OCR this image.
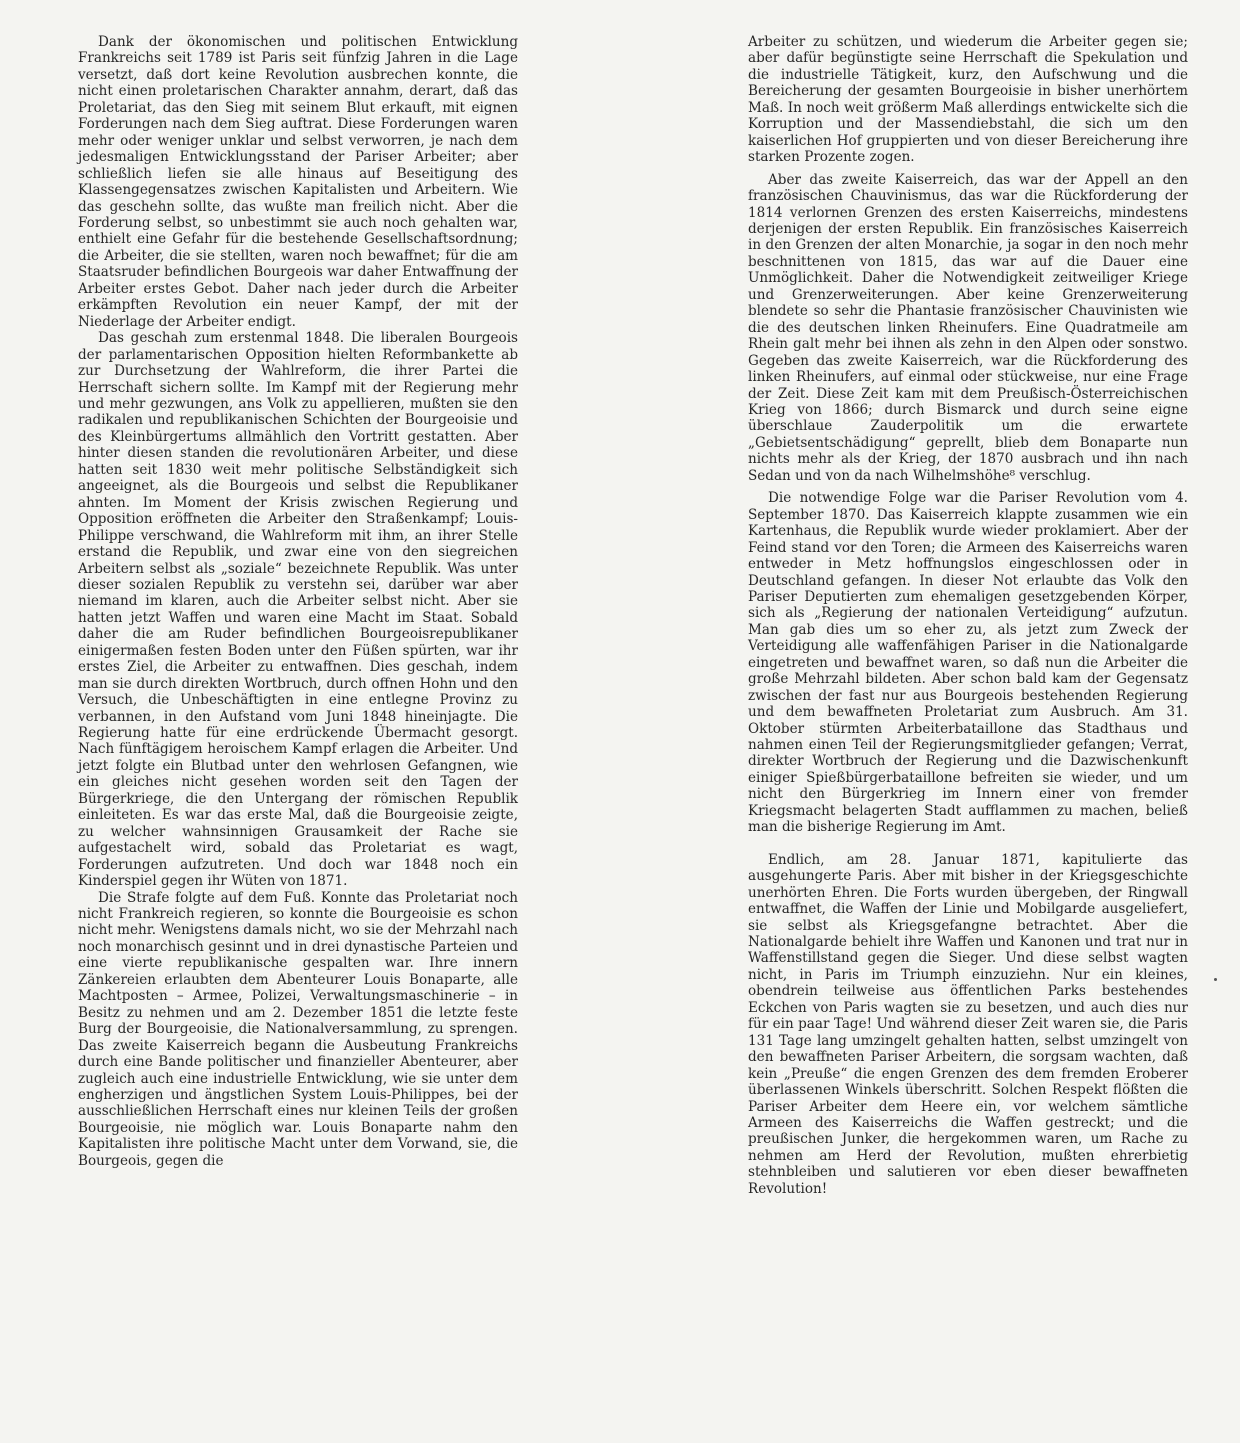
Dank der ökonomischen und politischen Entwicklung Frankreichs seit 1789 ist Paris seit fünfzig Jahren in die Lage versetzt, daß dort keine Revolution ausbrechen konnte, die nicht einen proletarischen Charakter annahm, derart, daß das Proletariat, das den Sieg mit seinem Blut erkauft, mit eignen Forderungen nach dem Sieg auftrat. Diese Forderungen waren mehr oder weniger unklar und selbst verworren, je nach dem jedesmaligen Entwicklungsstand der Pariser Arbeiter; aber schließlich liefen sie alle hinaus auf Beseitigung des Klassengegensatzes zwischen Kapitalisten und Arbeitern. Wie das geschehn sollte, das wußte man freilich nicht. Aber die Forderung selbst, so unbestimmt sie auch noch gehalten war, enthielt eine Gefahr für die bestehende Gesellschaftsordnung; die Arbeiter, die sie stellten, waren noch bewaffnet; für die am Staatsruder befindlichen Bourgeois war daher Entwaffnung der Arbeiter erstes Gebot. Daher nach jeder durch die Arbeiter erkämpften Revolution ein neuer Kampf, der mit der Niederlage der Arbeiter endigt.

Das geschah zum erstenmal 1848. Die liberalen Bourgeois der parlamentarischen Opposition hielten Reformbankette ab zur Durchsetzung der Wahlreform, die ihrer Partei die Herrschaft sichern sollte. Im Kampf mit der Regierung mehr und mehr gezwungen, ans Volk zu appellieren, mußten sie den radikalen und republikanischen Schichten der Bourgeoisie und des Kleinbürgertums allmählich den Vortritt gestatten. Aber hinter diesen standen die revolutionären Arbeiter, und diese hatten seit 1830 weit mehr politische Selbständigkeit sich angeeignet, als die Bourgeois und selbst die Republikaner ahnten. Im Moment der Krisis zwischen Regierung und Opposition eröffneten die Arbeiter den Straßenkampf; Louis-Philippe verschwand, die Wahlreform mit ihm, an ihrer Stelle erstand die Republik, und zwar eine von den siegreichen Arbeitern selbst als „soziale“ bezeichnete Republik. Was unter dieser sozialen Republik zu verstehn sei, darüber war aber niemand im klaren, auch die Arbeiter selbst nicht. Aber sie hatten jetzt Waffen und waren eine Macht im Staat. Sobald daher die am Ruder befindlichen Bourgeoisrepublikaner einigermaßen festen Boden unter den Füßen spürten, war ihr erstes Ziel, die Arbeiter zu entwaffnen. Dies geschah, indem man sie durch direkten Wortbruch, durch offnen Hohn und den Versuch, die Unbeschäftigten in eine entlegne Provinz zu verbannen, in den Aufstand vom Juni 1848 hineinjagte. Die Regierung hatte für eine erdrückende Übermacht gesorgt. Nach fünftägigem heroischem Kampf erlagen die Arbeiter. Und jetzt folgte ein Blutbad unter den wehrlosen Gefangnen, wie ein gleiches nicht gesehen worden seit den Tagen der Bürgerkriege, die den Untergang der römischen Republik einleiteten. Es war das erste Mal, daß die Bourgeoisie zeigte, zu welcher wahnsinnigen Grausamkeit der Rache sie aufgestachelt wird, sobald das Proletariat es wagt, Forderungen aufzutreten. Und doch war 1848 noch ein Kinderspiel gegen ihr Wüten von 1871.

Die Strafe folgte auf dem Fuß. Konnte das Proletariat noch nicht Frankreich regieren, so konnte die Bourgeoisie es schon nicht mehr. Wenigstens damals nicht, wo sie der Mehrzahl nach noch monarchisch gesinnt und in drei dynastische Parteien und eine vierte republikanische gespalten war. Ihre innern Zänkereien erlaubten dem Abenteurer Louis Bonaparte, alle Machtposten – Armee, Polizei, Verwaltungsmaschinerie – in Besitz zu nehmen und am 2. Dezember 1851 die letzte feste Burg der Bourgeoisie, die Nationalversammlung, zu sprengen. Das zweite Kaiserreich begann die Ausbeutung Frankreichs durch eine Bande politischer und finanzieller Abenteurer, aber zugleich auch eine industrielle Entwicklung, wie sie unter dem engherzigen und ängstlichen System Louis-Philippes, bei der ausschließlichen Herrschaft eines nur kleinen Teils der großen Bourgeoisie, nie möglich war. Louis Bonaparte nahm den Kapitalisten ihre politische Macht unter dem Vorwand, sie, die Bourgeois, gegen die

Arbeiter zu schützen, und wiederum die Arbeiter gegen sie; aber dafür begünstigte seine Herrschaft die Spekulation und die industrielle Tätigkeit, kurz, den Aufschwung und die Bereicherung der gesamten Bourgeoisie in bisher unerhörtem Maß. In noch weit größerm Maß allerdings entwickelte sich die Korruption und der Massendiebstahl, die sich um den kaiserlichen Hof gruppierten und von dieser Bereicherung ihre starken Prozente zogen.

Aber das zweite Kaiserreich, das war der Appell an den französischen Chauvinismus, das war die Rückforderung der 1814 verlornen Grenzen des ersten Kaiserreichs, mindestens derjenigen der ersten Republik. Ein französisches Kaiserreich in den Grenzen der alten Monarchie, ja sogar in den noch mehr beschnittenen von 1815, das war auf die Dauer eine Unmöglichkeit. Daher die Notwendigkeit zeitweiliger Kriege und Grenzerweiterungen. Aber keine Grenzerweiterung blendete so sehr die Phantasie französischer Chauvinisten wie die des deutschen linken Rheinufers. Eine Quadratmeile am Rhein galt mehr bei ihnen als zehn in den Alpen oder sonstwo. Gegeben das zweite Kaiserreich, war die Rückforderung des linken Rheinufers, auf einmal oder stückweise, nur eine Frage der Zeit. Diese Zeit kam mit dem Preußisch-Österreichischen Krieg von 1866; durch Bismarck und durch seine eigne überschlaue Zauderpolitik um die erwartete „Gebietsentschädigung“ geprellt, blieb dem Bonaparte nun nichts mehr als der Krieg, der 1870 ausbrach und ihn nach Sedan und von da nach Wilhelmshöhe⁸ verschlug.

Die notwendige Folge war die Pariser Revolution vom 4. September 1870. Das Kaiserreich klappte zusammen wie ein Kartenhaus, die Republik wurde wieder proklamiert. Aber der Feind stand vor den Toren; die Armeen des Kaiserreichs waren entweder in Metz hoffnungslos eingeschlossen oder in Deutschland gefangen. In dieser Not erlaubte das Volk den Pariser Deputierten zum ehemaligen gesetzgebenden Körper, sich als „Regierung der nationalen Verteidigung“ aufzutun. Man gab dies um so eher zu, als jetzt zum Zweck der Verteidigung alle waffenfähigen Pariser in die Nationalgarde eingetreten und bewaffnet waren, so daß nun die Arbeiter die große Mehrzahl bildeten. Aber schon bald kam der Gegensatz zwischen der fast nur aus Bourgeois bestehenden Regierung und dem bewaffneten Proletariat zum Ausbruch. Am 31. Oktober stürmten Arbeiterbataillone das Stadthaus und nahmen einen Teil der Regierungsmitglieder gefangen; Verrat, direkter Wortbruch der Regierung und die Dazwischenkunft einiger Spießbürgerbataillone befreiten sie wieder, und um nicht den Bürgerkrieg im Innern einer von fremder Kriegsmacht belagerten Stadt aufflammen zu machen, beließ man die bisherige Regierung im Amt.

Endlich, am 28. Januar 1871, kapitulierte das ausgehungerte Paris. Aber mit bisher in der Kriegsgeschichte unerhörten Ehren. Die Forts wurden übergeben, der Ringwall entwaffnet, die Waffen der Linie und Mobilgarde ausgeliefert, sie selbst als Kriegsgefangne betrachtet. Aber die Nationalgarde behielt ihre Waffen und Kanonen und trat nur in Waffenstillstand gegen die Sieger. Und diese selbst wagten nicht, in Paris im Triumph einzuziehn. Nur ein kleines, obendrein teilweise aus öffentlichen Parks bestehendes Eckchen von Paris wagten sie zu besetzen, und auch dies nur für ein paar Tage! Und während dieser Zeit waren sie, die Paris 131 Tage lang umzingelt gehalten hatten, selbst umzingelt von den bewaffneten Pariser Arbeitern, die sorgsam wachten, daß kein „Preuße“ die engen Grenzen des dem fremden Eroberer überlassenen Winkels überschritt. Solchen Respekt flößten die Pariser Arbeiter dem Heere ein, vor welchem sämtliche Armeen des Kaiserreichs die Waffen gestreckt; und die preußischen Junker, die hergekommen waren, um Rache zu nehmen am Herd der Revolution, mußten ehrerbietig stehnbleiben und salutieren vor eben dieser bewaffneten Revolution!
